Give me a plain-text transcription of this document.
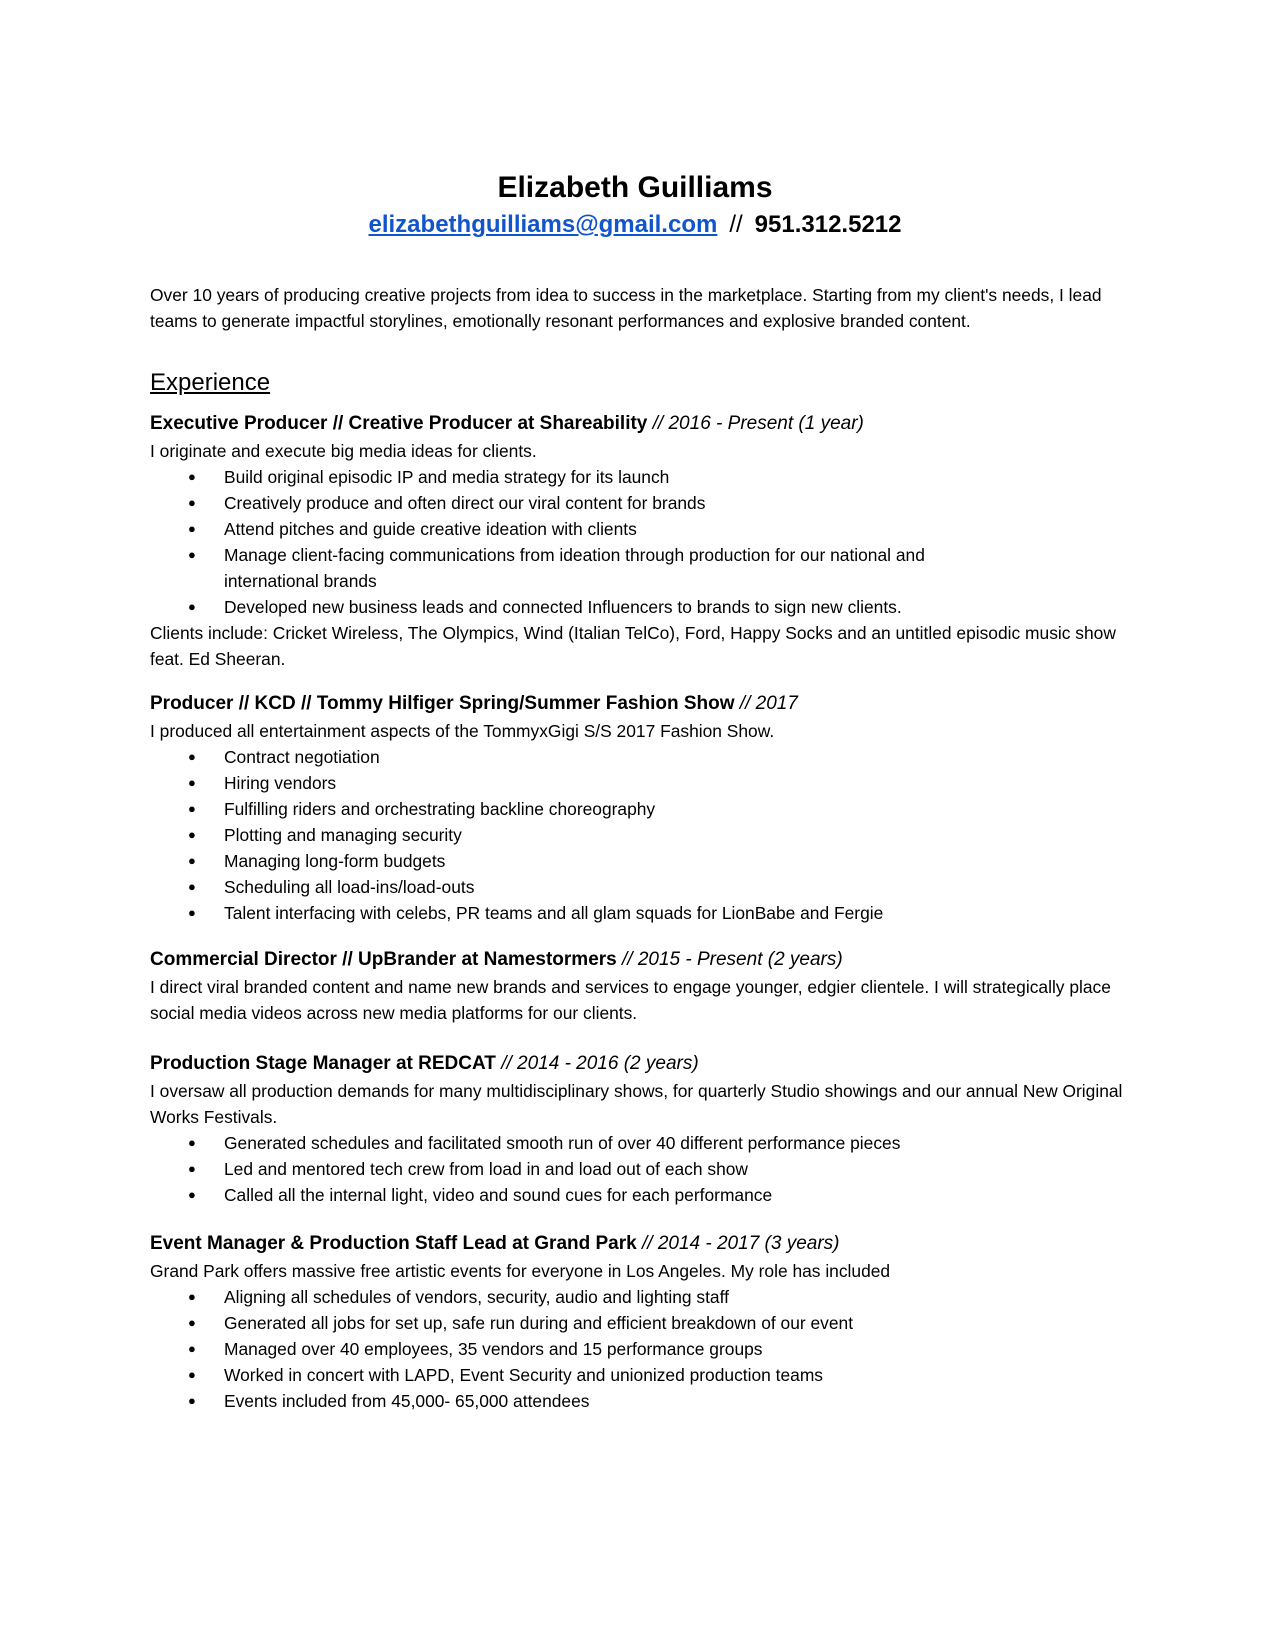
Elizabeth Guilliams
elizabethguilliams@gmail.com // 951.312.5212
Over 10 years of producing creative projects from idea to success in the marketplace. Starting from my client's needs, I lead teams to generate impactful storylines, emotionally resonant performances and explosive branded content.
Experience
Executive Producer // Creative Producer at Shareability // 2016 - Present (1 year)
I originate and execute big media ideas for clients.
● Build original episodic IP and media strategy for its launch
● Creatively produce and often direct our viral content for brands
● Attend pitches and guide creative ideation with clients
● Manage client-facing communications from ideation through production for our national and international brands
● Developed new business leads and connected Influencers to brands to sign new clients.
Clients include: Cricket Wireless, The Olympics, Wind (Italian TelCo), Ford, Happy Socks and an untitled episodic music show feat. Ed Sheeran.
Producer // KCD // Tommy Hilfiger Spring/Summer Fashion Show // 2017
I produced all entertainment aspects of the TommyxGigi S/S 2017 Fashion Show.
● Contract negotiation
● Hiring vendors
● Fulfilling riders and orchestrating backline choreography
● Plotting and managing security
● Managing long-form budgets
● Scheduling all load-ins/load-outs
● Talent interfacing with celebs, PR teams and all glam squads for LionBabe and Fergie
Commercial Director // UpBrander at Namestormers // 2015 - Present (2 years)
I direct viral branded content and name new brands and services to engage younger, edgier clientele. I will strategically place social media videos across new media platforms for our clients.
Production Stage Manager at REDCAT // 2014 - 2016 (2 years)
I oversaw all production demands for many multidisciplinary shows, for quarterly Studio showings and our annual New Original Works Festivals.
● Generated schedules and facilitated smooth run of over 40 different performance pieces
● Led and mentored tech crew from load in and load out of each show
● Called all the internal light, video and sound cues for each performance
Event Manager & Production Staff Lead at Grand Park // 2014 - 2017 (3 years)
Grand Park offers massive free artistic events for everyone in Los Angeles. My role has included
● Aligning all schedules of vendors, security, audio and lighting staff
● Generated all jobs for set up, safe run during and efficient breakdown of our event
● Managed over 40 employees, 35 vendors and 15 performance groups
● Worked in concert with LAPD, Event Security and unionized production teams
● Events included from 45,000- 65,000 attendees
